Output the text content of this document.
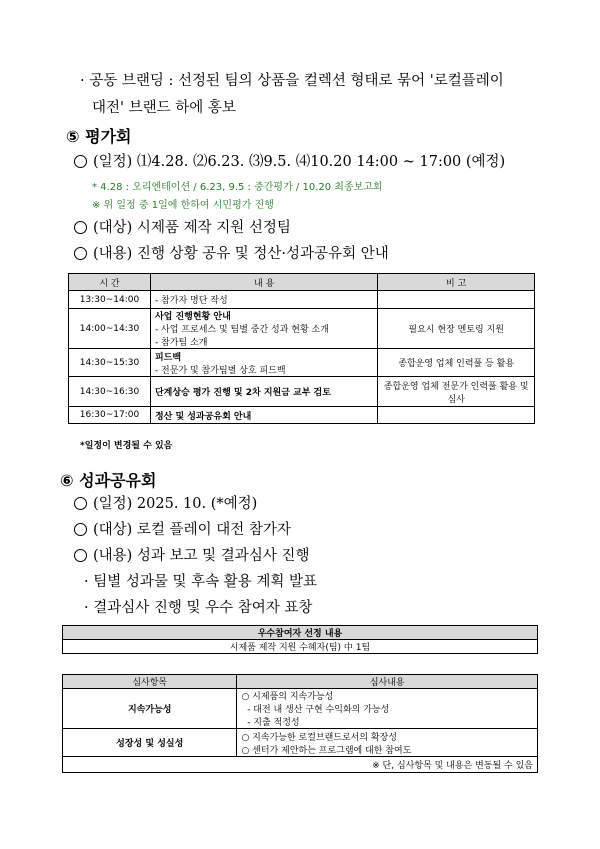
· 공동 브랜딩 : 선정된 팀의 상품을 컬렉션 형태로 묶어 '로컬플레이
대전' 브랜드 하에 홍보
⑤ 평가회
(일정) ⑴4.28. ⑵6.23. ⑶9.5. ⑷10.20 14:00 ~ 17:00 (예정)
* 4.28 : 오리엔테이션 / 6.23, 9.5 : 중간평가 / 10.20 최종보고회
※ 위 일정 중 1일에 한하여 시민평가 진행
(대상) 시제품 제작 지원 선정팀
(내용) 진행 상황 공유 및 정산·성과공유회 안내
시 간	내 용	비 고
13:30~14:00	- 참가자 명단 작성	
14:00~14:30	사업 진행현황 안내
- 사업 프로세스 및 팀별 중간 성과 현황 소개
- 참가팀 소개	필요시 현장 멘토링 지원
14:30~15:30	피드백
- 전문가 및 참가팀별 상호 피드백	종합운영 업체 인력풀 등 활용
14:30~16:30	단계상승 평가 진행 및 2차 지원금 교부 검토	종합운영 업체 전문가 인력풀 활용 및 심사
16:30~17:00	정산 및 성과공유회 안내	
*일정이 변경될 수 있음
⑥ 성과공유회
(일정) 2025. 10. (*예정)
(대상) 로컬 플레이 대전 참가자
(내용) 성과 보고 및 결과심사 진행
· 팀별 성과물 및 후속 활용 계획 발표
· 결과심사 진행 및 우수 참여자 표창
우수참여자 선정 내용
시제품 제작 지원 수혜자(팀) 中 1팀
심사항목	심사내용
지속가능성	○ 시제품의 지속가능성
- 대전 내 생산 구현 수익화의 가능성
- 지출 적정성

성장성 및 성실성	○ 지속가능한 로컬브랜드로서의 확장성
○ 센터가 제안하는 프로그램에 대한 참여도

※ 단, 심사항목 및 내용은 변동될 수 있음	
